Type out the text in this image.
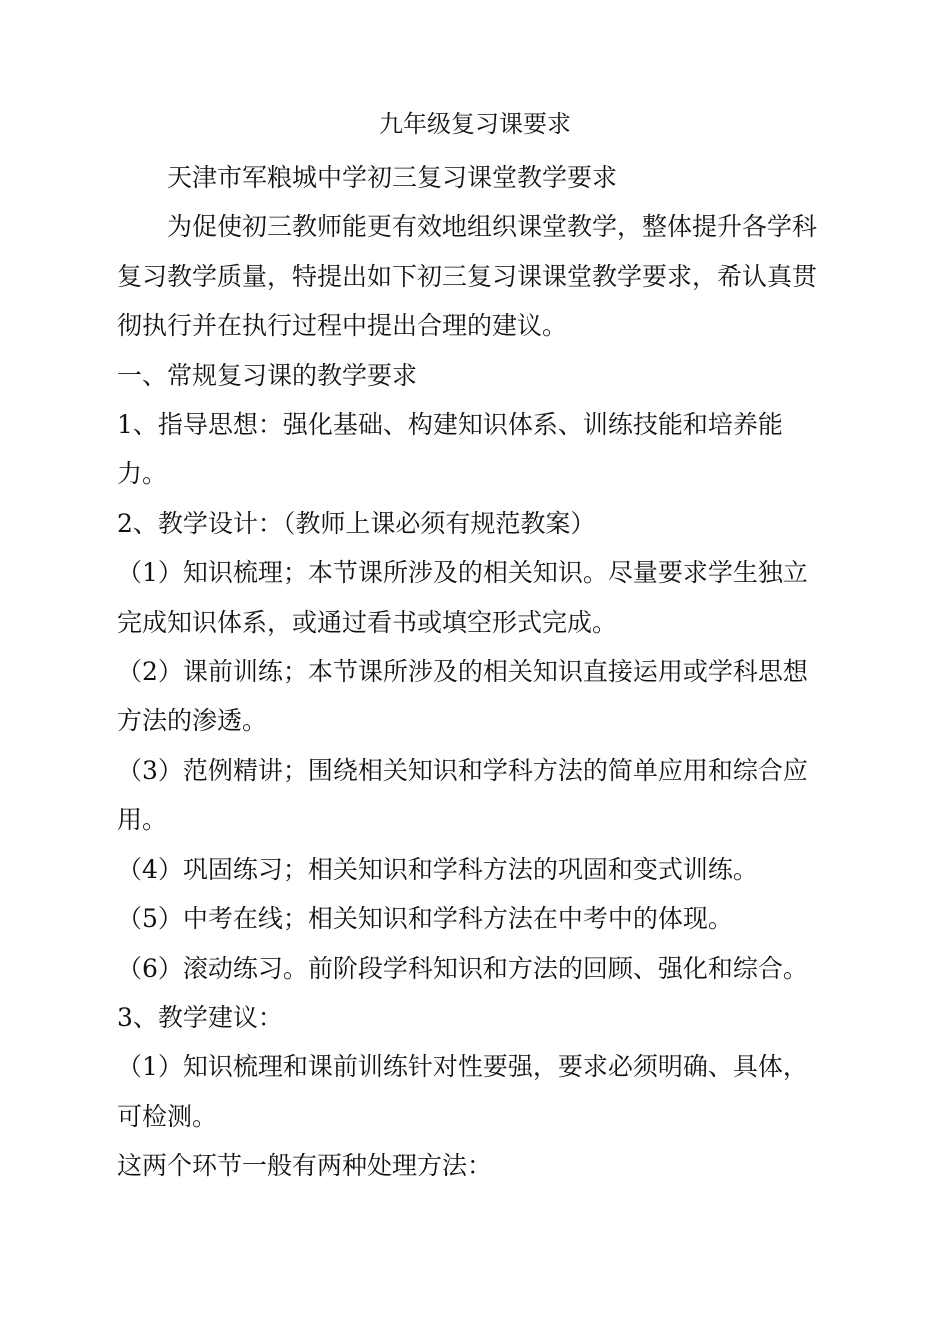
九年级复习课要求

天津市军粮城中学初三复习课堂教学要求

为促使初三教师能更有效地组织课堂教学，整体提升各学科复习教学质量，特提出如下初三复习课课堂教学要求，希认真贯彻执行并在执行过程中提出合理的建议。

一、常规复习课的教学要求

1、指导思想：强化基础、构建知识体系、训练技能和培养能力。

2、教学设计：（教师上课必须有规范教案）

（1）知识梳理；本节课所涉及的相关知识。尽量要求学生独立完成知识体系，或通过看书或填空形式完成。

（2）课前训练；本节课所涉及的相关知识直接运用或学科思想方法的渗透。

（3）范例精讲；围绕相关知识和学科方法的简单应用和综合应用。

（4）巩固练习；相关知识和学科方法的巩固和变式训练。

（5）中考在线；相关知识和学科方法在中考中的体现。

（6）滚动练习。前阶段学科知识和方法的回顾、强化和综合。

3、教学建议：

（1）知识梳理和课前训练针对性要强，要求必须明确、具体，可检测。

这两个环节一般有两种处理方法：
